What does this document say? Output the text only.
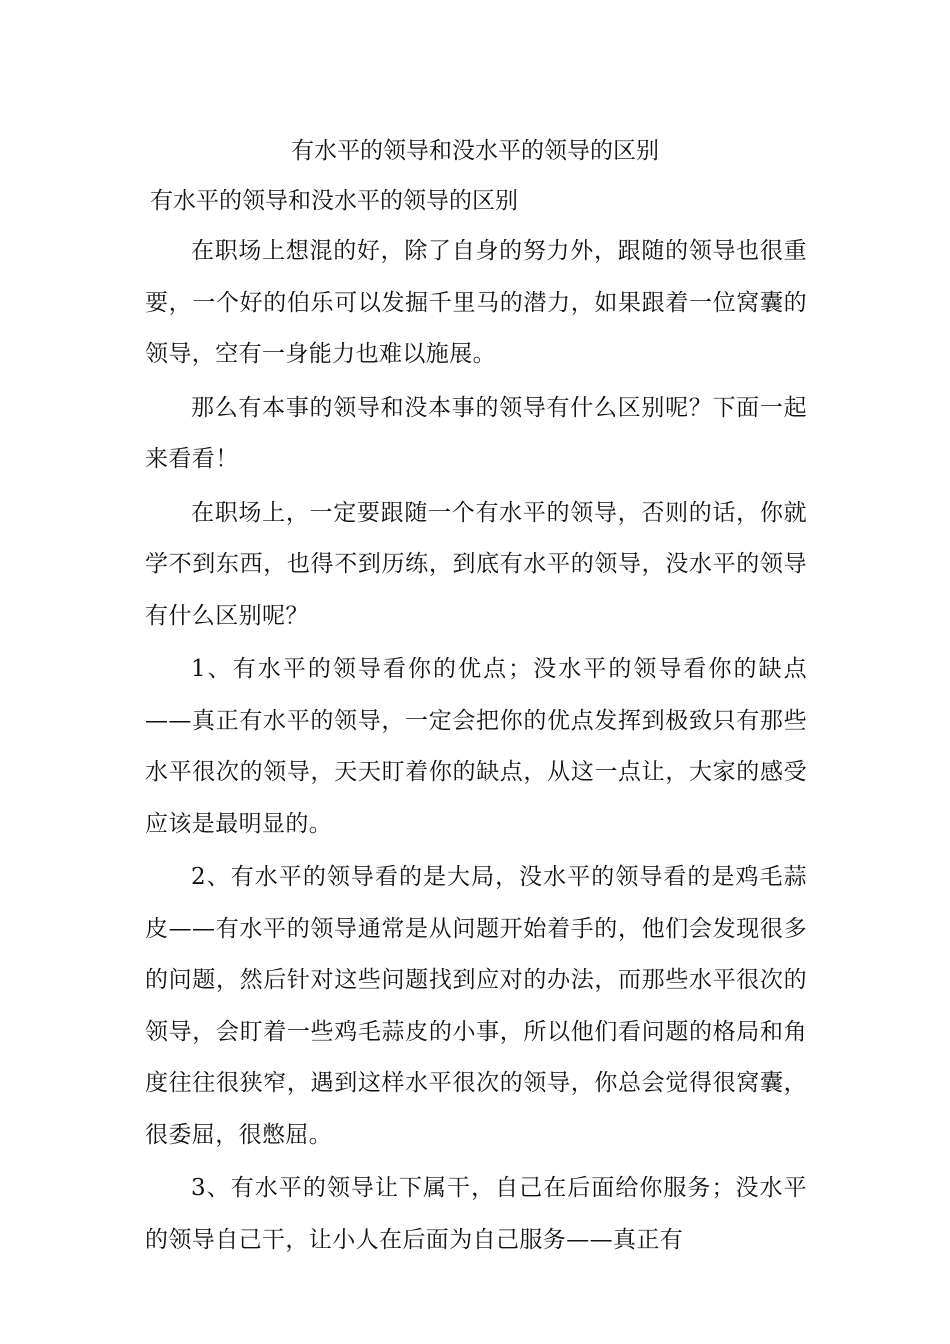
有水平的领导和没水平的领导的区别
有水平的领导和没水平的领导的区别

在职场上想混的好，除了自身的努力外，跟随的领导也很重要，一个好的伯乐可以发掘千里马的潜力，如果跟着一位窝囊的领导，空有一身能力也难以施展。

那么有本事的领导和没本事的领导有什么区别呢？下面一起来看看！

在职场上，一定要跟随一个有水平的领导，否则的话，你就学不到东西，也得不到历练，到底有水平的领导，没水平的领导有什么区别呢？

1、有水平的领导看你的优点；没水平的领导看你的缺点——真正有水平的领导，一定会把你的优点发挥到极致只有那些水平很次的领导，天天盯着你的缺点，从这一点让，大家的感受应该是最明显的。

2、有水平的领导看的是大局，没水平的领导看的是鸡毛蒜皮——有水平的领导通常是从问题开始着手的，他们会发现很多的问题，然后针对这些问题找到应对的办法，而那些水平很次的领导，会盯着一些鸡毛蒜皮的小事，所以他们看问题的格局和角度往往很狭窄，遇到这样水平很次的领导，你总会觉得很窝囊，很委屈，很憋屈。

3、有水平的领导让下属干，自己在后面给你服务；没水平的领导自己干，让小人在后面为自己服务——真正有
